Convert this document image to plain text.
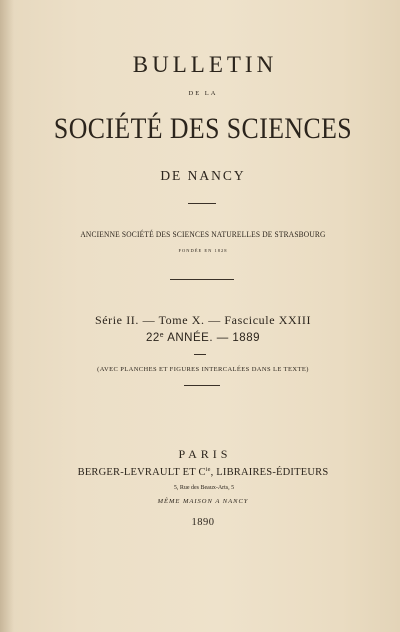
BULLETIN
DE LA
SOCIÉTÉ DES SCIENCES
DE NANCY
ANCIENNE SOCIÉTÉ DES SCIENCES NATURELLES DE STRASBOURG
FONDÉE EN 1828
Série II. — Tome X. — Fascicule XXIII
22e ANNÉE. — 1889
(AVEC PLANCHES ET FIGURES INTERCALÉES DANS LE TEXTE)
PARIS
BERGER-LEVRAULT ET $C^{ie}$, LIBRAIRES-ÉDITEURS
5, Rue des Beaux-Arts, 5
MÊME MAISON A NANCY
1890
